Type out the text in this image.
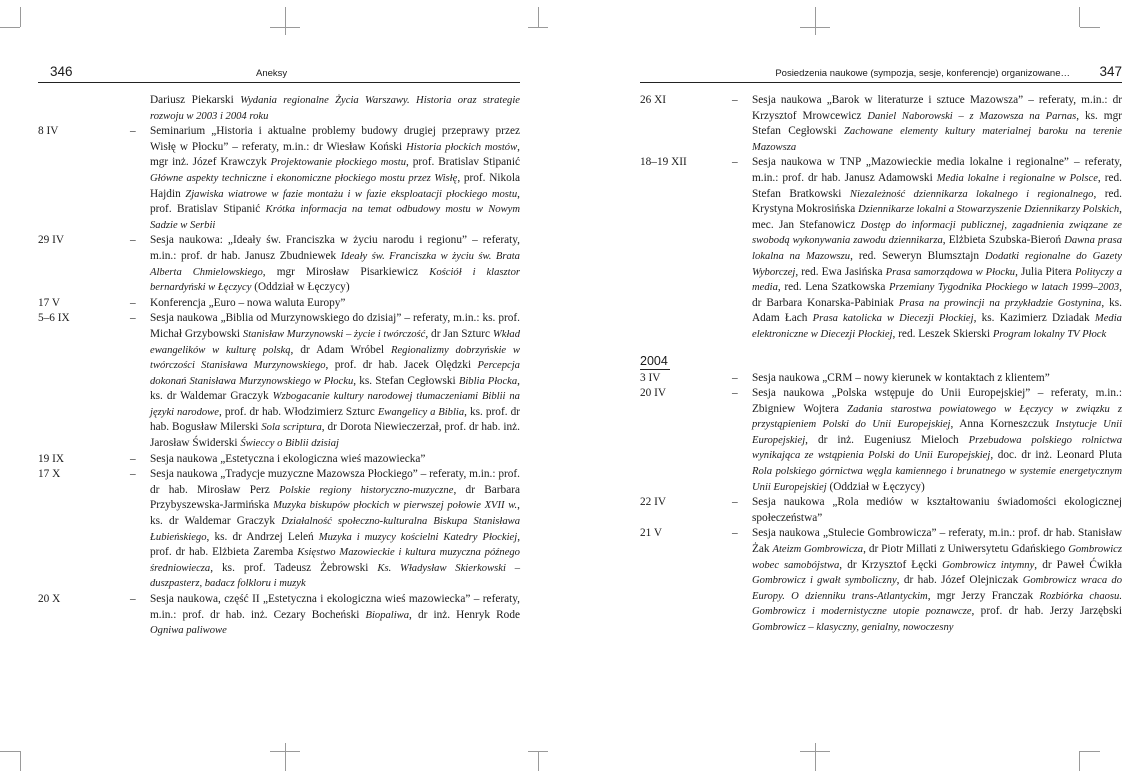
346	Aneksy
Dariusz Piekarski Wydania regionalne Życia Warszawy. Historia oraz strategie rozwoju w 2003 i 2004 roku
8 IV	– Seminarium „Historia i aktualne problemy budowy drugiej przeprawy przez Wisłę w Płocku” – referaty, m.in.: dr Wiesław Koński Historia płockich mostów, mgr inż. Józef Krawczyk Projektowanie płockiego mostu, prof. Bratislav Stipanić Główne aspekty techniczne i ekonomiczne płockiego mostu przez Wisłę, prof. Nikola Hajdin Zjawiska wiatrowe w fazie montażu i w fazie eksploatacji płockiego mostu, prof. Bratislav Stipanić Krótka informacja na temat odbudowy mostu w Nowym Sadzie w Serbii
29 IV	– Sesja naukowa: „Ideały św. Franciszka w życiu narodu i regionu” – referaty, m.in.: prof. dr hab. Janusz Zbudniewek Ideały św. Franciszka w życiu św. Brata Alberta Chmielowskiego, mgr Mirosław Pisarkiewicz Kościół i klasztor bernardyński w Łęczycy (Oddział w Łęczycy)
17 V	– Konferencja „Euro – nowa waluta Europy”
5–6 IX	– Sesja naukowa „Biblia od Murzynowskiego do dzisiaj” – referaty, m.in.: ks. prof. Michał Grzybowski Stanisław Murzynowski – życie i twórczość, dr Jan Szturc Wkład ewangelików w kulturę polską, dr Adam Wróbel Regionalizmy dobrzyńskie w twórczości Stanisława Murzynowskiego, prof. dr hab. Jacek Olędzki Percepcja dokonań Stanisława Murzynowskiego w Płocku, ks. Stefan Cegłowski Biblia Płocka, ks. dr Waldemar Graczyk Wzbogacanie kultury narodowej tłumaczeniami Biblii na języki narodowe, prof. dr hab. Włodzimierz Szturc Ewangelicy a Biblia, ks. prof. dr hab. Bogusław Milerski Sola scriptura, dr Dorota Niewieczerzał, prof. dr hab. inż. Jarosław Świderski Świeccy o Biblii dzisiaj
19 IX	– Sesja naukowa „Estetyczna i ekologiczna wieś mazowiecka”
17 X	– Sesja naukowa „Tradycje muzyczne Mazowsza Płockiego” – referaty, m.in.: prof. dr hab. Mirosław Perz Polskie regiony historyczno-muzyczne, dr Barbara Przybyszewska-Jarmińska Muzyka biskupów płockich w pierwszej połowie XVII w., ks. dr Waldemar Graczyk Działalność społeczno-kulturalna Biskupa Stanisława Łubieńskiego, ks. dr Andrzej Leleń Muzyka i muzycy kościelni Katedry Płockiej, prof. dr hab. Elżbieta Zaremba Księstwo Mazowieckie i kultura muzyczna późnego średniowiecza, ks. prof. Tadeusz Żebrowski Ks. Władysław Skierkowski – duszpasterz, badacz folkloru i muzyk
20 X	– Sesja naukowa, część II „Estetyczna i ekologiczna wieś mazowiecka” – referaty, m.in.: prof. dr hab. inż. Cezary Bocheński Biopaliwa, dr inż. Henryk Rode Ogniwa paliwowe
Posiedzenia naukowe (sympozja, sesje, konferencje) organizowane… 347
26 XI	– Sesja naukowa „Barok w literaturze i sztuce Mazowsza” – referaty, m.in.: dr Krzysztof Mrowcewicz Daniel Naborowski – z Mazowsza na Parnas, ks. mgr Stefan Cegłowski Zachowane elementy kultury materialnej baroku na terenie Mazowsza
18–19 XII	– Sesja naukowa w TNP „Mazowieckie media lokalne i regionalne” – referaty, m.in.: prof. dr hab. Janusz Adamowski Media lokalne i regionalne w Polsce, red. Stefan Bratkowski Niezależność dziennikarza lokalnego i regionalnego, red. Krystyna Mokrosińska Dziennikarze lokalni a Stowarzyszenie Dziennikarzy Polskich, mec. Jan Stefanowicz Dostęp do informacji publicznej, zagadnienia związane ze swobodą wykonywania zawodu dziennikarza, Elżbieta Szubska-Bieroń Dawna prasa lokalna na Mazowszu, red. Seweryn Blumsztajn Dodatki regionalne do Gazety Wyborczej, red. Ewa Jasińska Prasa samorządowa w Płocku, Julia Pitera Polityczy a media, red. Lena Szatkowska Przemiany Tygodnika Płockiego w latach 1999–2003, dr Barbara Konarska-Pabiniak Prasa na prowincji na przykładzie Gostynina, ks. Adam Łach Prasa katolicka w Diecezji Płockiej, ks. Kazimierz Dziadak Media elektroniczne w Diecezji Płockiej, red. Leszek Skierski Program lokalny TV Płock
2004
3 IV	– Sesja naukowa „CRM – nowy kierunek w kontaktach z klientem”
20 IV	– Sesja naukowa „Polska wstępuje do Unii Europejskiej” – referaty, m.in.: Zbigniew Wojtera Zadania starostwa powiatowego w Łęczycy w związku z przystąpieniem Polski do Unii Europejskiej, Anna Korneszczuk Instytucje Unii Europejskiej, dr inż. Eugeniusz Mieloch Przebudowa polskiego rolnictwa wynikająca ze wstąpienia Polski do Unii Europejskiej, doc. dr inż. Leonard Pluta Rola polskiego górnictwa węgla kamiennego i brunatnego w systemie energetycznym Unii Europejskiej (Oddział w Łęczycy)
22 IV	– Sesja naukowa „Rola mediów w kształtowaniu świadomości ekologicznej społeczeństwa”
21 V	– Sesja naukowa „Stulecie Gombrowicza” – referaty, m.in.: prof. dr hab. Stanisław Żak Ateizm Gombrowicza, dr Piotr Millati z Uniwersytetu Gdańskiego Gombrowicz wobec samobójstwa, dr Krzysztof Łęcki Gombrowicz intymny, dr Paweł Ćwikła Gombrowicz i gwałt symboliczny, dr hab. Józef Olejniczak Gombrowicz wraca do Europy. O dzienniku trans-Atlantyckim, mgr Jerzy Franczak Rozbiórka chaosu. Gombrowicz i modernistyczne utopie poznawcze, prof. dr hab. Jerzy Jarzębski Gombrowicz – klasyczny, genialny, nowoczesny
